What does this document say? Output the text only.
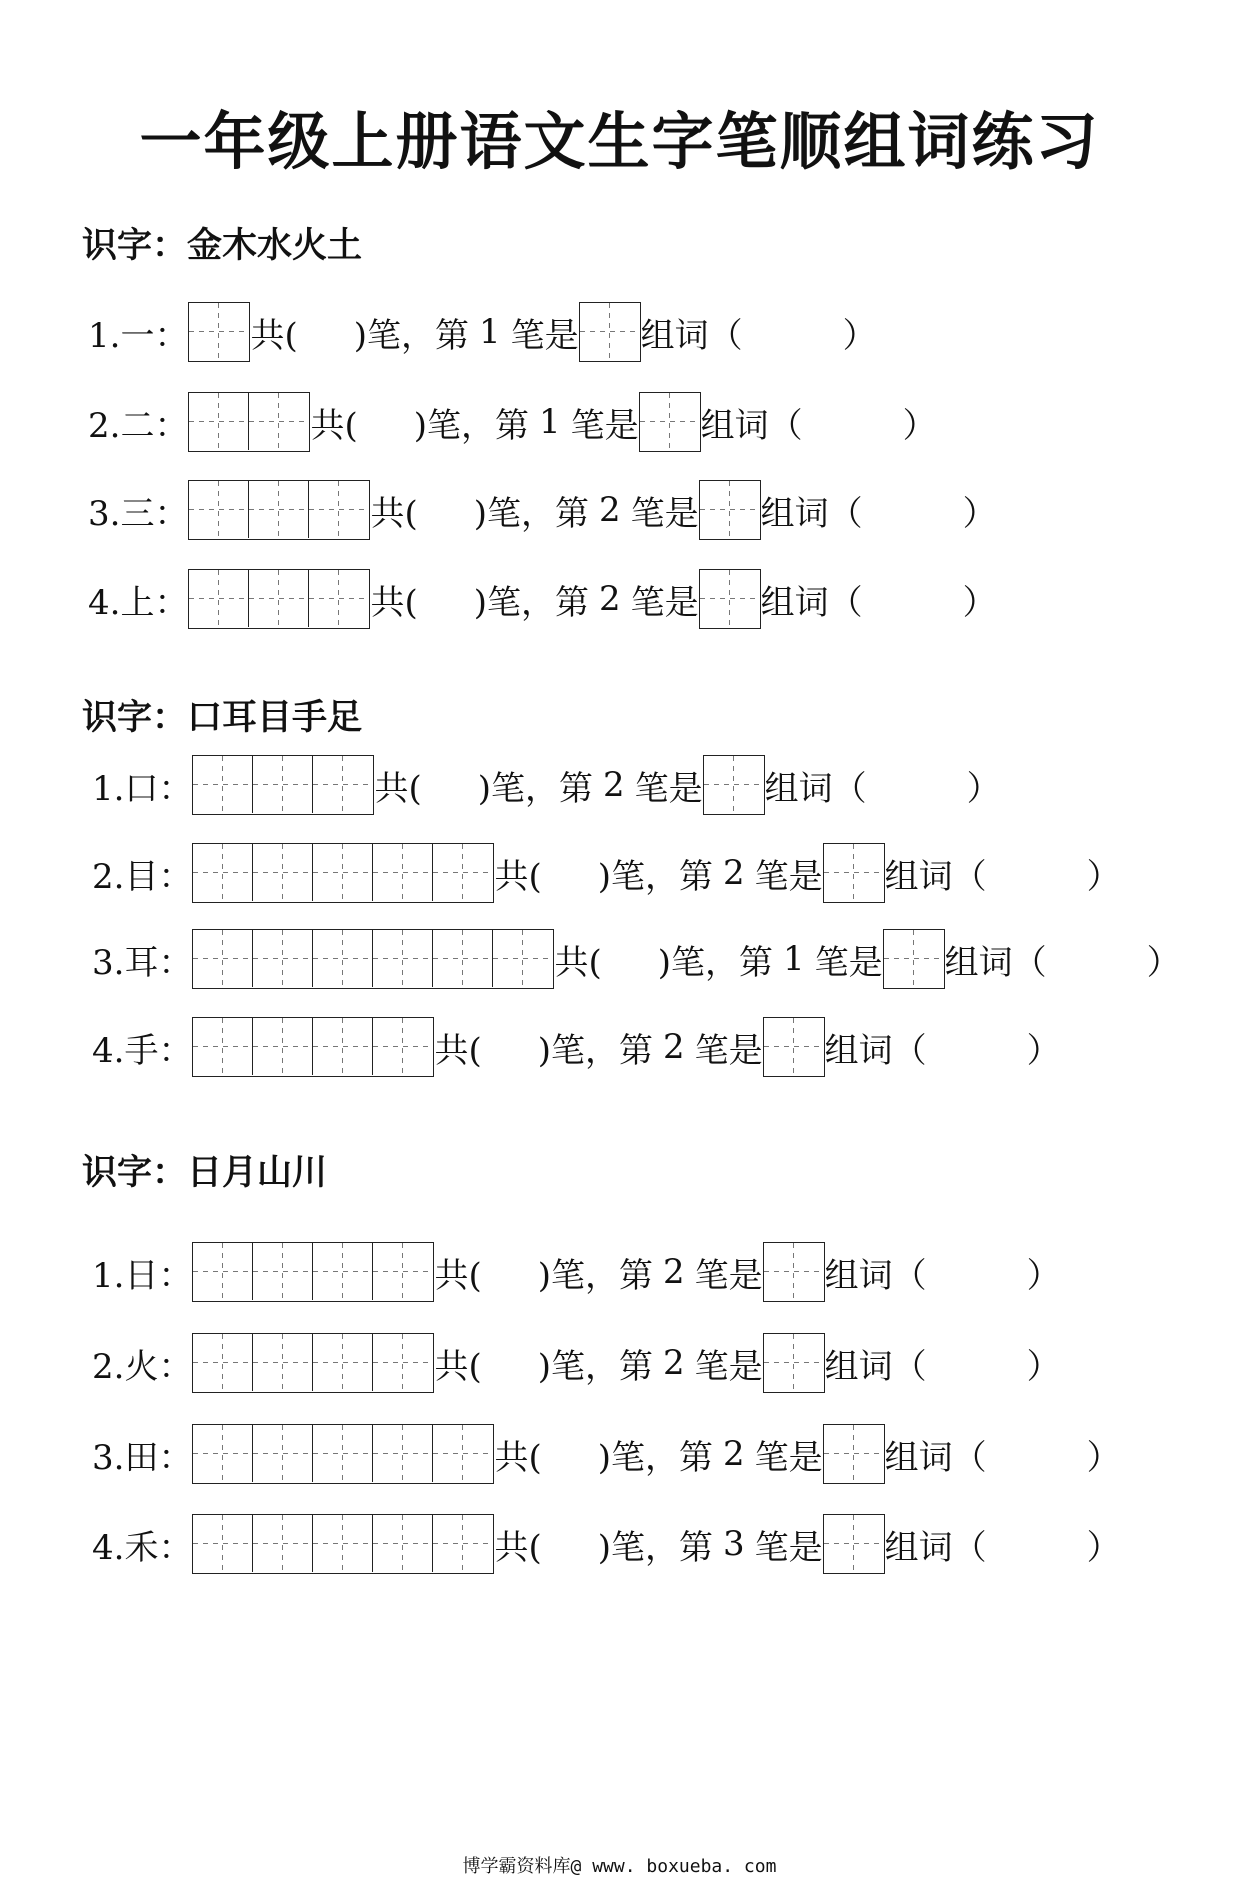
一年级上册语文生字笔顺组词练习
识字：金木水火土
识字：口耳目手足
识字：日月山川
1.一： 共( )笔，第 1 笔是 组词（	）
2.二：	共( )笔，第 1 笔是 组词（	）
3.三：	共( )笔，第 2 笔是 组词（	）
4.上：	共( )笔，第 2 笔是 组词（	）
1.口：	共( )笔，第 2 笔是 组词（	）
2.目：	共( )笔，第 2 笔是 组词（	）
3.耳：	共( )笔，第 1 笔是 组词（	）
4.手：	共( )笔，第 2 笔是 组词（	）
1.日：	共( )笔，第 2 笔是 组词（	）
2.火：	共( )笔，第 2 笔是 组词（	）
3.田：	共( )笔，第 2 笔是 组词（	）
4.禾：	共( )笔，第 3 笔是 组词（	）
博学霸资料库@ www. boxueba. com
